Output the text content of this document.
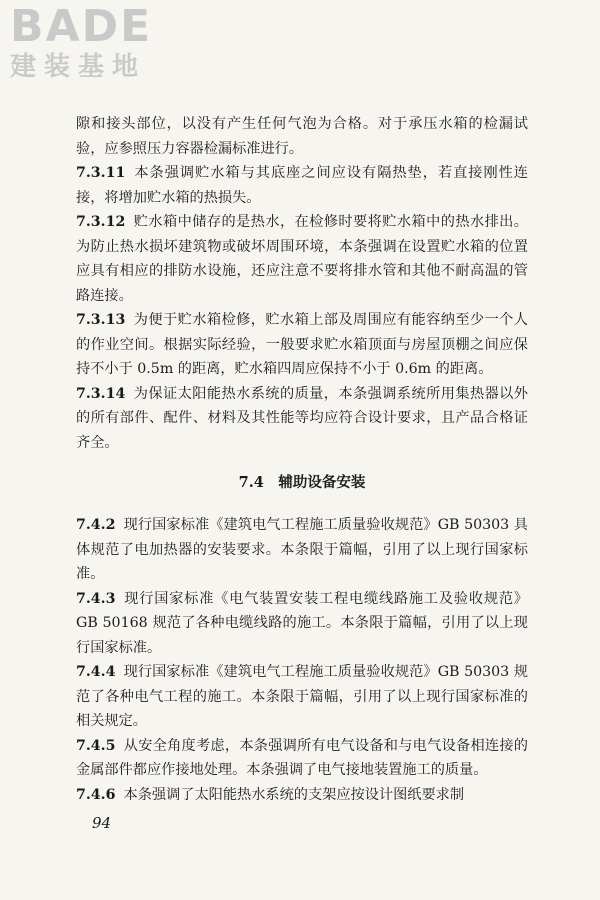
BADE
建装基地

隙和接头部位，以没有产生任何气泡为合格。对于承压水箱的检漏试验，应参照压力容器检漏标准进行。

7.3.11 本条强调贮水箱与其底座之间应设有隔热垫，若直接刚性连接，将增加贮水箱的热损失。

7.3.12 贮水箱中储存的是热水，在检修时要将贮水箱中的热水排出。为防止热水损坏建筑物或破坏周围环境，本条强调在设置贮水箱的位置应具有相应的排防水设施，还应注意不要将排水管和其他不耐高温的管路连接。

7.3.13 为便于贮水箱检修，贮水箱上部及周围应有能容纳至少一个人的作业空间。根据实际经验，一般要求贮水箱顶面与房屋顶棚之间应保持不小于 0.5m 的距离，贮水箱四周应保持不小于 0.6m 的距离。

7.3.14 为保证太阳能热水系统的质量，本条强调系统所用集热器以外的所有部件、配件、材料及其性能等均应符合设计要求，且产品合格证齐全。

7.4　辅助设备安装

7.4.2 现行国家标准《建筑电气工程施工质量验收规范》GB 50303 具体规范了电加热器的安装要求。本条限于篇幅，引用了以上现行国家标准。

7.4.3 现行国家标准《电气装置安装工程电缆线路施工及验收规范》GB 50168 规范了各种电缆线路的施工。本条限于篇幅，引用了以上现行国家标准。

7.4.4 现行国家标准《建筑电气工程施工质量验收规范》GB 50303 规范了各种电气工程的施工。本条限于篇幅，引用了以上现行国家标准的相关规定。

7.4.5 从安全角度考虑，本条强调所有电气设备和与电气设备相连接的金属部件都应作接地处理。本条强调了电气接地装置施工的质量。

7.4.6 本条强调了太阳能热水系统的支架应按设计图纸要求制

94
